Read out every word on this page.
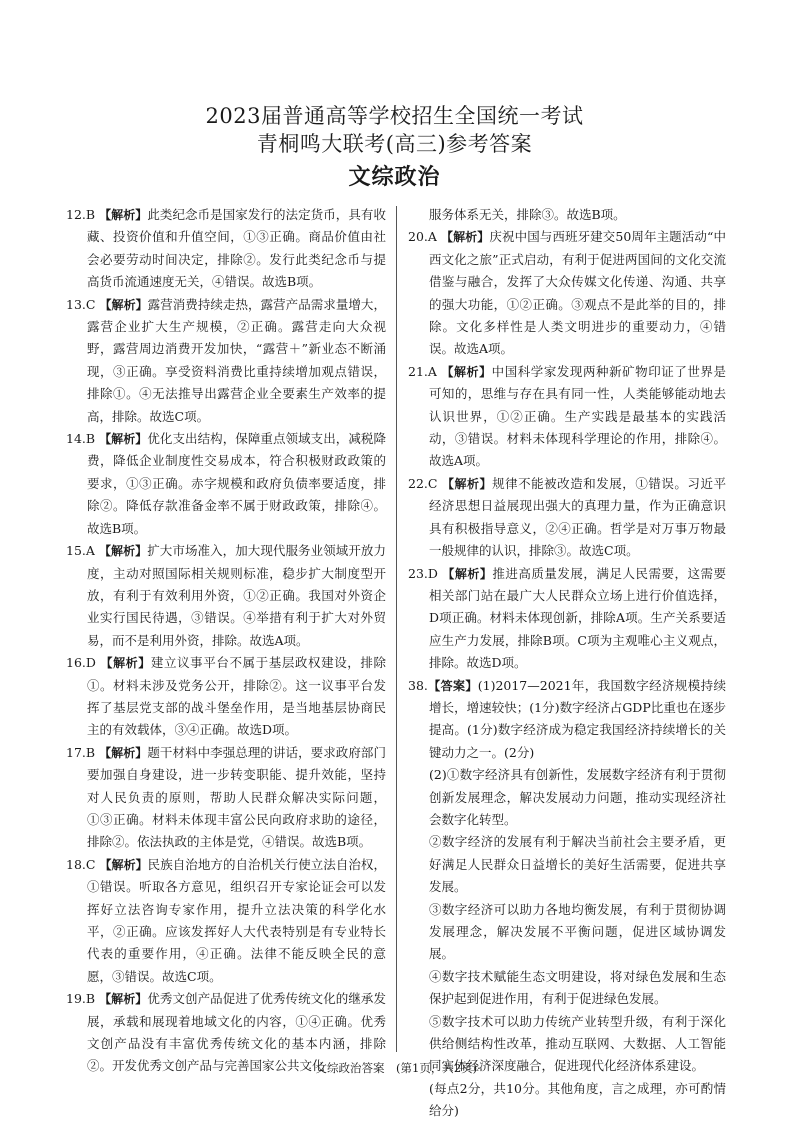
2023届普通高等学校招生全国统一考试
青桐鸣大联考(高三)参考答案
文综政治

12.B 【解析】此类纪念币是国家发行的法定货币，具有收藏、投资价值和升值空间，①③正确。商品价值由社会必要劳动时间决定，排除②。发行此类纪念币与提高货币流通速度无关，④错误。故选B项。

13.C 【解析】露营消费持续走热，露营产品需求量增大，露营企业扩大生产规模，②正确。露营走向大众视野，露营周边消费开发加快，“露营＋”新业态不断涌现，③正确。享受资料消费比重持续增加观点错误，排除①。④无法推导出露营企业全要素生产效率的提高，排除。故选C项。

14.B 【解析】优化支出结构，保障重点领域支出，减税降费，降低企业制度性交易成本，符合积极财政政策的要求，①③正确。赤字规模和政府负债率要适度，排除②。降低存款准备金率不属于财政政策，排除④。故选B项。

15.A 【解析】扩大市场准入，加大现代服务业领域开放力度，主动对照国际相关规则标准，稳步扩大制度型开放，有利于有效利用外资，①②正确。我国对外资企业实行国民待遇，③错误。④举措有利于扩大对外贸易，而不是利用外资，排除。故选A项。

16.D 【解析】建立议事平台不属于基层政权建设，排除①。材料未涉及党务公开，排除②。这一议事平台发挥了基层党支部的战斗堡垒作用，是当地基层协商民主的有效载体，③④正确。故选D项。

17.B 【解析】题干材料中李强总理的讲话，要求政府部门要加强自身建设，进一步转变职能、提升效能，坚持对人民负责的原则，帮助人民群众解决实际问题，①③正确。材料未体现丰富公民向政府求助的途径，排除②。依法执政的主体是党，④错误。故选B项。

18.C 【解析】民族自治地方的自治机关行使立法自治权，①错误。听取各方意见，组织召开专家论证会可以发挥好立法咨询专家作用，提升立法决策的科学化水平，②正确。应该发挥好人大代表特别是有专业特长代表的重要作用，④正确。法律不能反映全民的意愿，③错误。故选C项。

19.B 【解析】优秀文创产品促进了优秀传统文化的继承发展，承载和展现着地域文化的内容，①④正确。优秀文创产品没有丰富优秀传统文化的基本内涵，排除②。开发优秀文创产品与完善国家公共文化

服务体系无关，排除③。故选B项。

20.A 【解析】庆祝中国与西班牙建交50周年主题活动“中西文化之旅”正式启动，有利于促进两国间的文化交流借鉴与融合，发挥了大众传媒文化传递、沟通、共享的强大功能，①②正确。③观点不是此举的目的，排除。文化多样性是人类文明进步的重要动力，④错误。故选A项。

21.A 【解析】中国科学家发现两种新矿物印证了世界是可知的，思维与存在具有同一性，人类能够能动地去认识世界，①②正确。生产实践是最基本的实践活动，③错误。材料未体现科学理论的作用，排除④。故选A项。

22.C 【解析】规律不能被改造和发展，①错误。习近平经济思想日益展现出强大的真理力量，作为正确意识具有积极指导意义，②④正确。哲学是对万事万物最一般规律的认识，排除③。故选C项。

23.D 【解析】推进高质量发展，满足人民需要，这需要相关部门站在最广大人民群众立场上进行价值选择，D项正确。材料未体现创新，排除A项。生产关系要适应生产力发展，排除B项。C项为主观唯心主义观点，排除。故选D项。

38.【答案】(1)2017—2021年，我国数字经济规模持续增长，增速较快；(1分)数字经济占GDP比重也在逐步提高。(1分)数字经济成为稳定我国经济持续增长的关键动力之一。(2分)

(2)①数字经济具有创新性，发展数字经济有利于贯彻创新发展理念，解决发展动力问题，推动实现经济社会数字化转型。

②数字经济的发展有利于解决当前社会主要矛盾，更好满足人民群众日益增长的美好生活需要，促进共享发展。

③数字经济可以助力各地均衡发展，有利于贯彻协调发展理念，解决发展不平衡问题，促进区域协调发展。

④数字技术赋能生态文明建设，将对绿色发展和生态保护起到促进作用，有利于促进绿色发展。

⑤数字技术可以助力传统产业转型升级，有利于深化供给侧结构性改革，推动互联网、大数据、人工智能同实体经济深度融合，促进现代化经济体系建设。

(每点2分，共10分。其他角度，言之成理，亦可酌情给分)

· 文综政治答案　(第1页，共2页)·
